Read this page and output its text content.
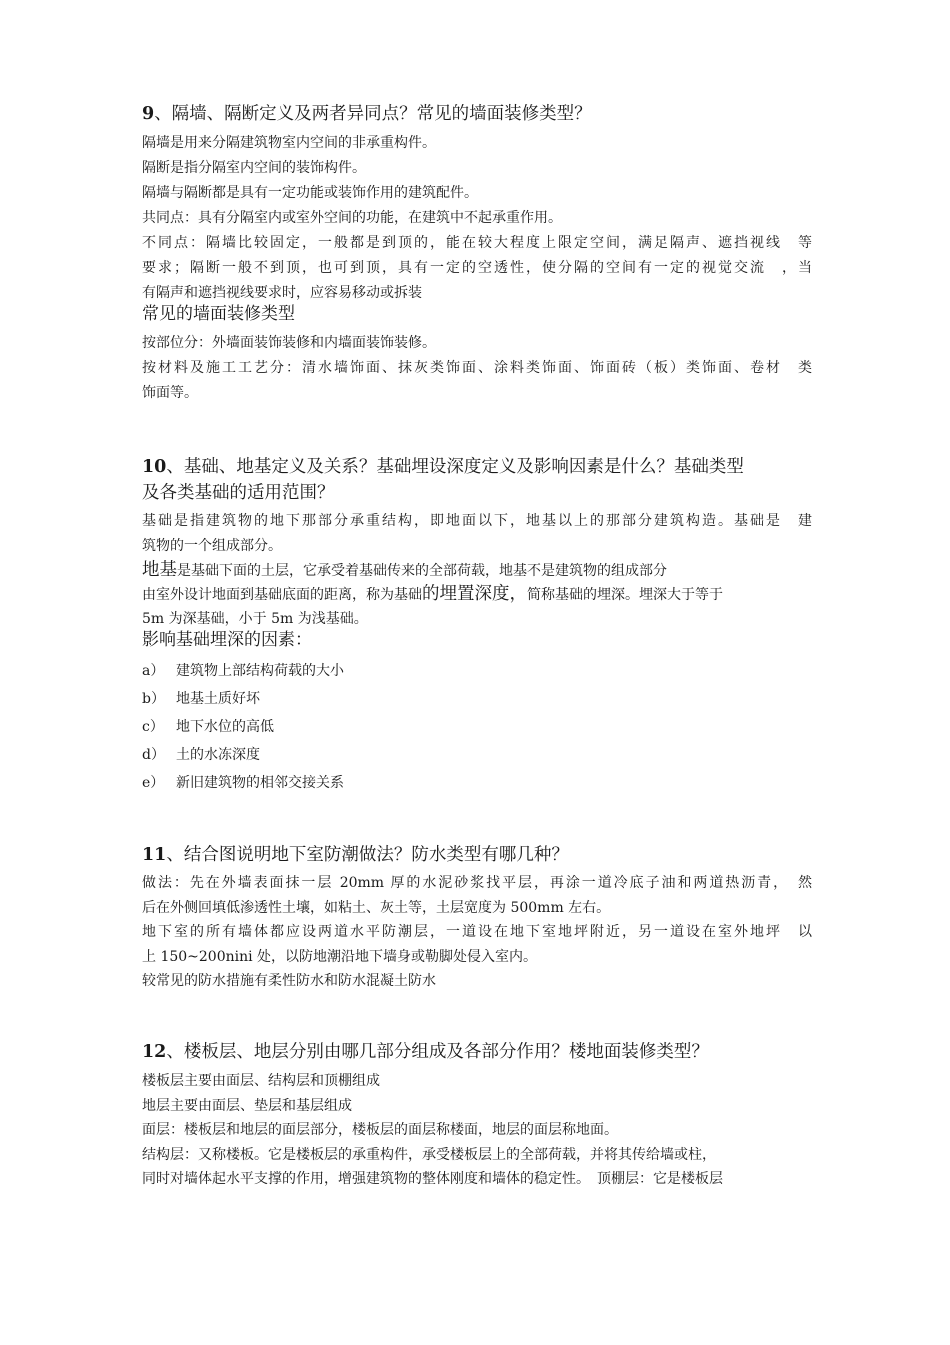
9、隔墙、隔断定义及两者异同点？常见的墙面装修类型？
隔墙是用来分隔建筑物室内空间的非承重构件。
隔断是指分隔室内空间的装饰构件。
隔墙与隔断都是具有一定功能或装饰作用的建筑配件。
共同点：具有分隔室内或室外空间的功能，在建筑中不起承重作用。
不同点：隔墙比较固定，一般都是到顶的，能在较大程度上限定空间，满足隔声、遮挡视线　等
要求；隔断一般不到顶，也可到顶，具有一定的空透性，使分隔的空间有一定的视觉交流　，当
有隔声和遮挡视线要求时，应容易移动或拆装
常见的墙面装修类型
按部位分：外墙面装饰装修和内墙面装饰装修。
按材料及施工工艺分：清水墙饰面、抹灰类饰面、涂料类饰面、饰面砖（板）类饰面、卷材　类
饰面等。
10、基础、地基定义及关系？基础埋设深度定义及影响因素是什么？基础类型
及各类基础的适用范围？
基础是指建筑物的地下那部分承重结构，即地面以下，地基以上的那部分建筑构造。基础是　建
筑物的一个组成部分。
地基是基础下面的土层，它承受着基础传来的全部荷载，地基不是建筑物的组成部分
由室外设计地面到基础底面的距离，称为基础的埋置深度，简称基础的埋深。埋深大于等于
5m 为深基础，小于 5m 为浅基础。
影响基础埋深的因素：
a） 建筑物上部结构荷载的大小
b） 地基土质好坏
c） 地下水位的高低
d） 土的水冻深度
e） 新旧建筑物的相邻交接关系
11、结合图说明地下室防潮做法？防水类型有哪几种？
做法：先在外墙表面抹一层 20mm 厚的水泥砂浆找平层，再涂一道冷底子油和两道热沥青，　然
后在外侧回填低渗透性土壤，如粘土、灰土等，土层宽度为 500mm 左右。
地下室的所有墙体都应设两道水平防潮层，一道设在地下室地坪附近，另一道设在室外地坪　以
上 150~200nini 处，以防地潮沿地下墙身或勒脚处侵入室内。
较常见的防水措施有柔性防水和防水混凝土防水
12、楼板层、地层分别由哪几部分组成及各部分作用？楼地面装修类型？
楼板层主要由面层、结构层和顶棚组成
地层主要由面层、垫层和基层组成
面层：楼板层和地层的面层部分，楼板层的面层称楼面，地层的面层称地面。
结构层：又称楼板。它是楼板层的承重构件，承受楼板层上的全部荷载，并将其传给墙或柱，
同时对墙体起水平支撑的作用，增强建筑物的整体刚度和墙体的稳定性。　顶棚层：它是楼板层
